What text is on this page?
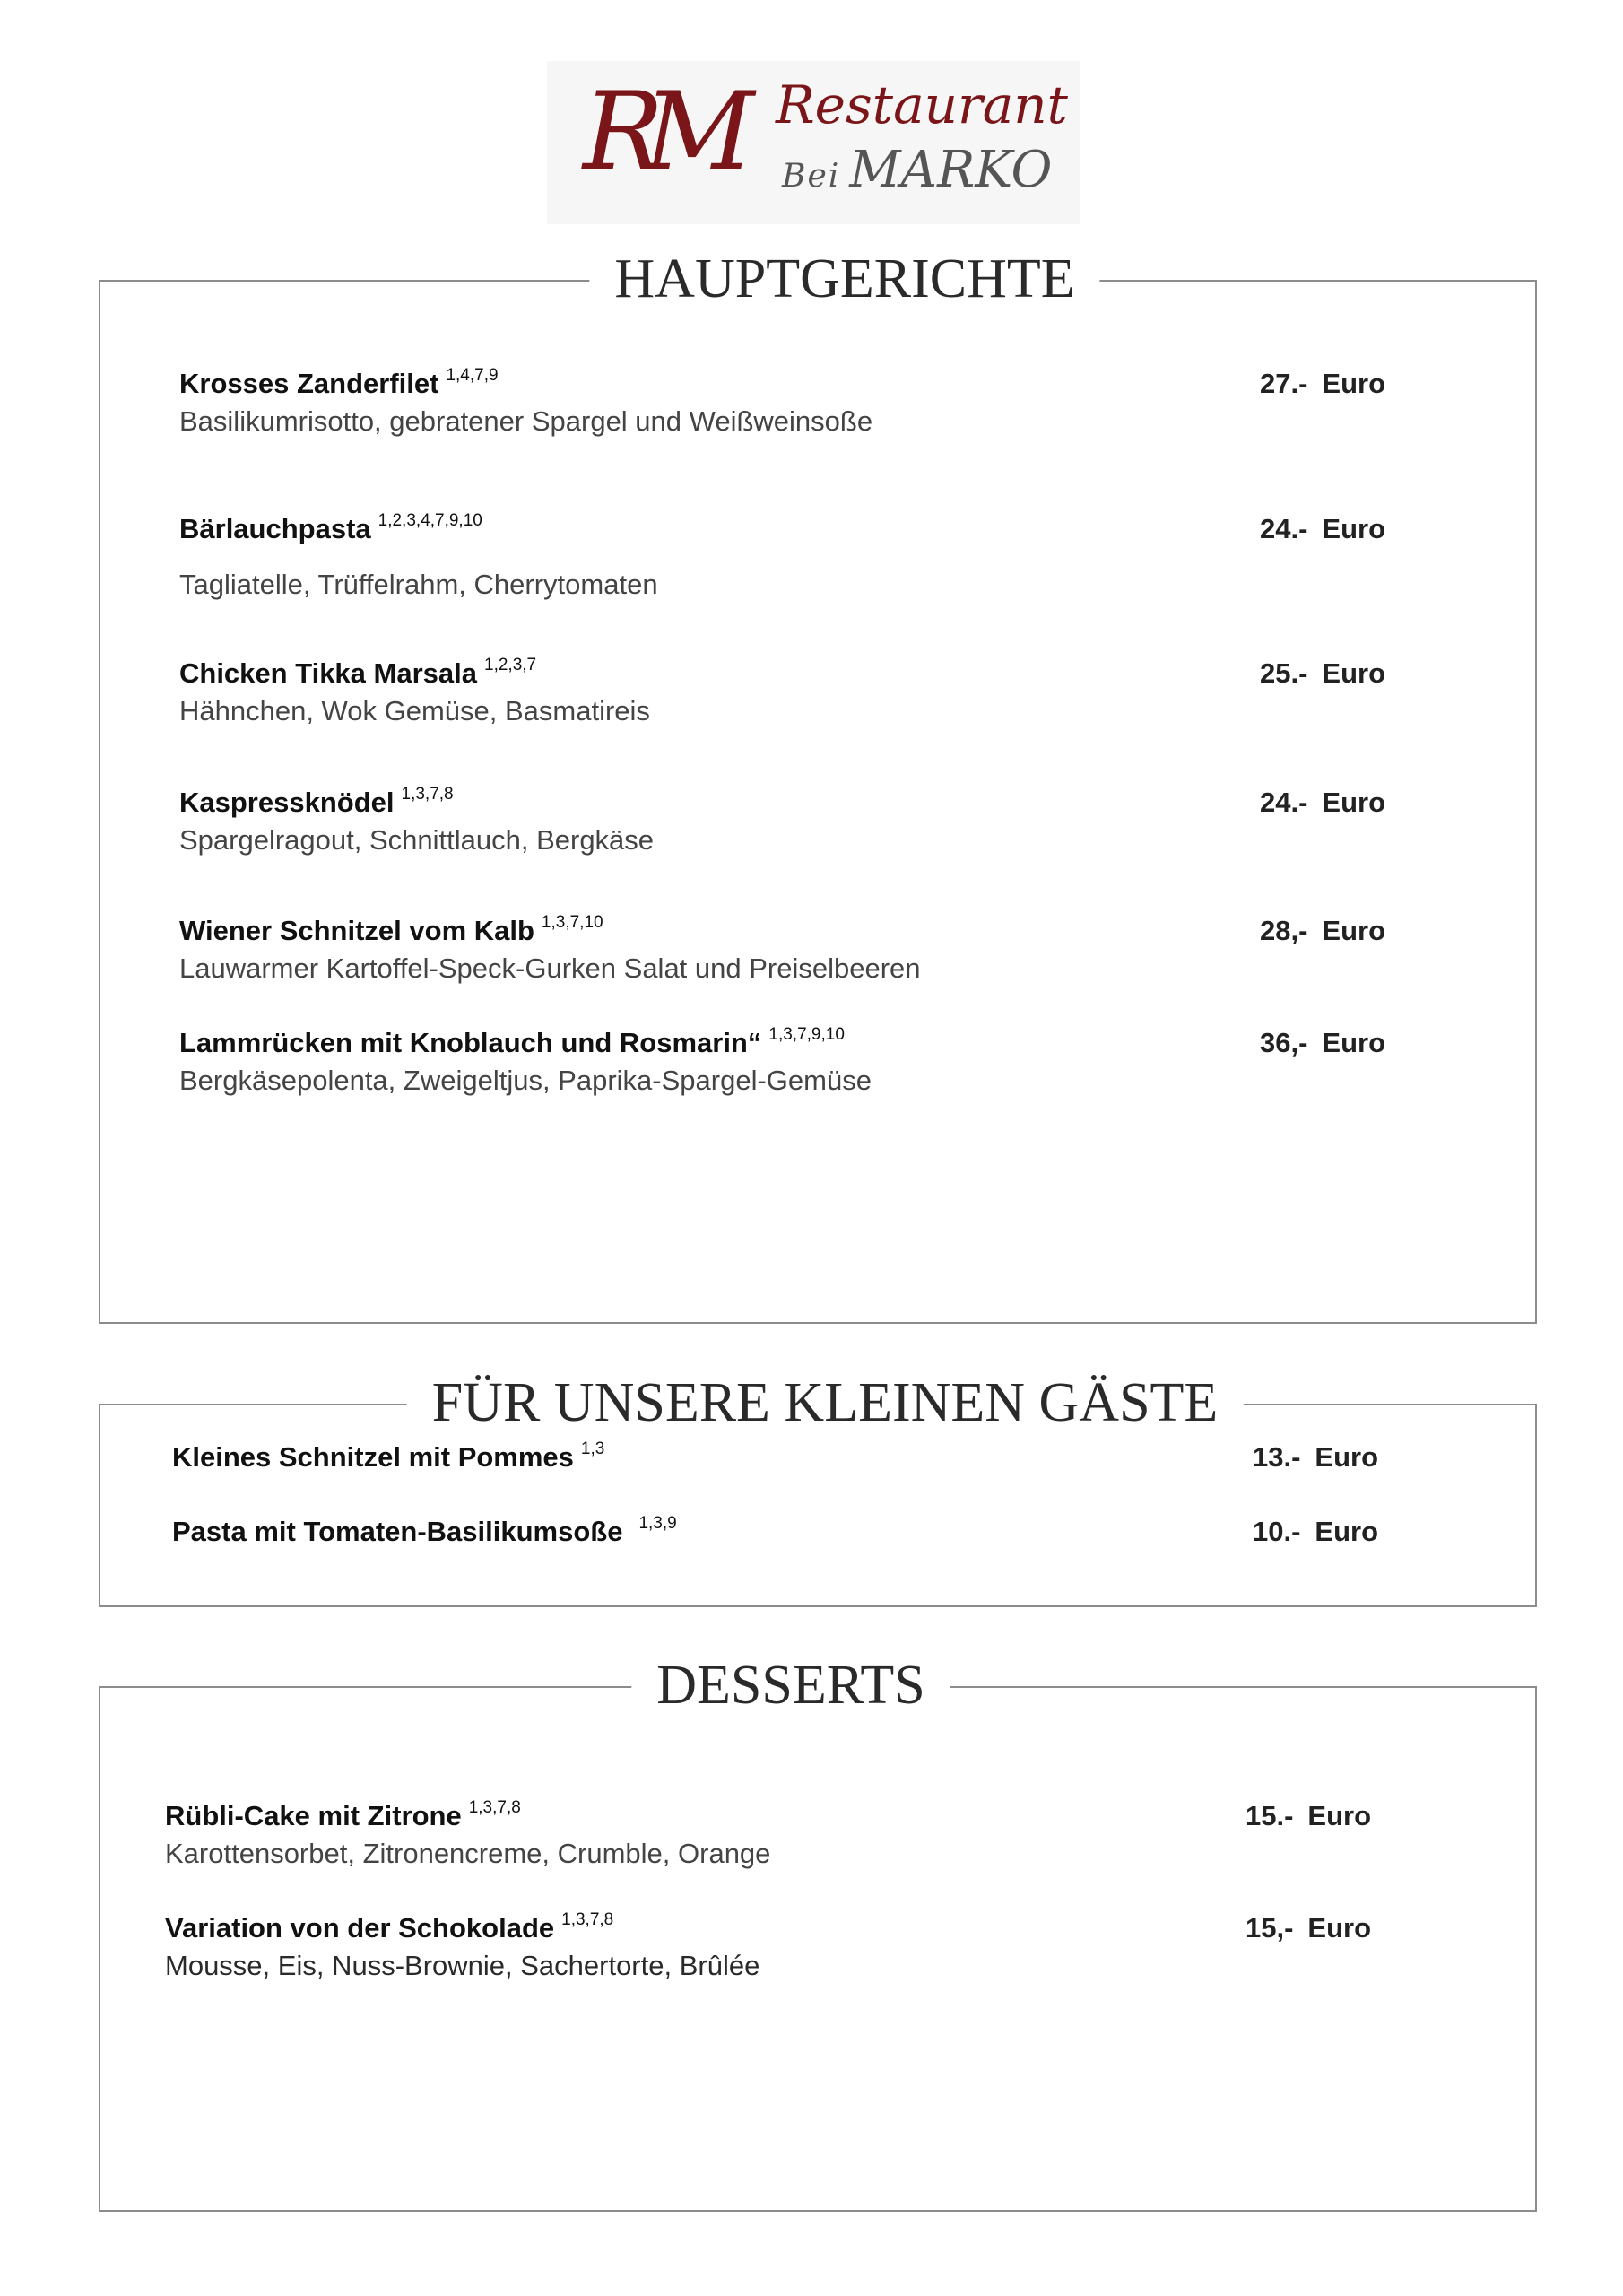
RM Restaurant
Bei MARKO
HAUPTGERICHTE
Krosses Zanderfilet $^{1,4,7,9}$
Basilikumrisotto, gebratener Spargel und Weißweinsoße
27.- Euro
Bärlauchpasta $^{1,2,3,4,7,9,10}$
Tagliatelle, Trüffelrahm, Cherrytomaten
24.- Euro
Chicken Tikka Marsala $^{1,2,3,7}$
Hähnchen, Wok Gemüse, Basmatireis
25.- Euro
Kaspressknödel $^{1,3,7,8}$
Spargelragout, Schnittlauch, Bergkäse
24.- Euro
Wiener Schnitzel vom Kalb $^{1,3,7,10}$
Lauwarmer Kartoffel-Speck-Gurken Salat und Preiselbeeren
28,- Euro
Lammrücken mit Knoblauch und Rosmarin“ $^{1,3,7,9,10}$
Bergkäsepolenta, Zweigeltjus, Paprika-Spargel-Gemüse
36,- Euro
FÜR UNSERE KLEINEN GÄSTE
Kleines Schnitzel mit Pommes $^{1,3}$	13.- Euro
Pasta mit Tomaten-Basilikumsoße $^{1,3,9}$	10.- Euro
DESSERTS
Rübli-Cake mit Zitrone $^{1,3,7,8}$
Karottensorbet, Zitronencreme, Crumble, Orange
15.- Euro
Variation von der Schokolade $^{1,3,7,8}$
Mousse, Eis, Nuss-Brownie, Sachertorte, Brûlée
15,- Euro
